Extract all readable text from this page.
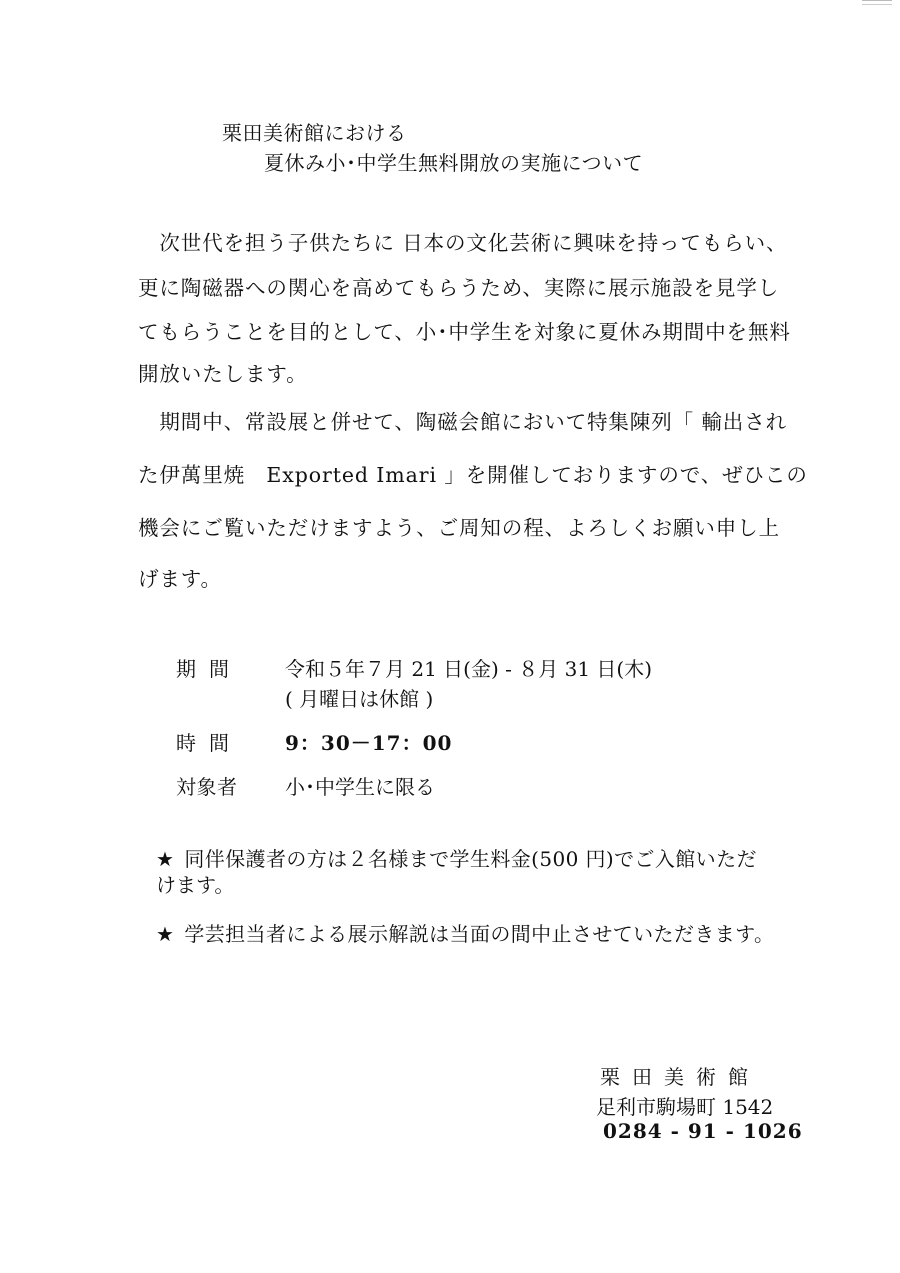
栗田美術館における
夏休み小･中学生無料開放の実施について
　次世代を担う子供たちに 日本の文化芸術に興味を持ってもらい、
更に陶磁器への関心を高めてもらうため、実際に展示施設を見学し
てもらうことを目的として、小･中学生を対象に夏休み期間中を無料
開放いたします。
　期間中、常設展と併せて、陶磁会館において特集陳列「 輸出され
た伊萬里焼　Exported Imari 」を開催しておりますので、ぜひこの
機会にご覧いただけますよう、ご周知の程、よろしくお願い申し上
げます。
期間 令和５年７月 21 日(金) - ８月 31 日(木)
( 月曜日は休館 )
時間 9：30－17：00
対象者 小･中学生に限る
★ 同伴保護者の方は２名様まで学生料金(500 円)でご入館いただ
けます。
★ 学芸担当者による展示解説は当面の間中止させていただきます。
栗田美術館
足利市駒場町 1542
0284 - 91 - 1026
